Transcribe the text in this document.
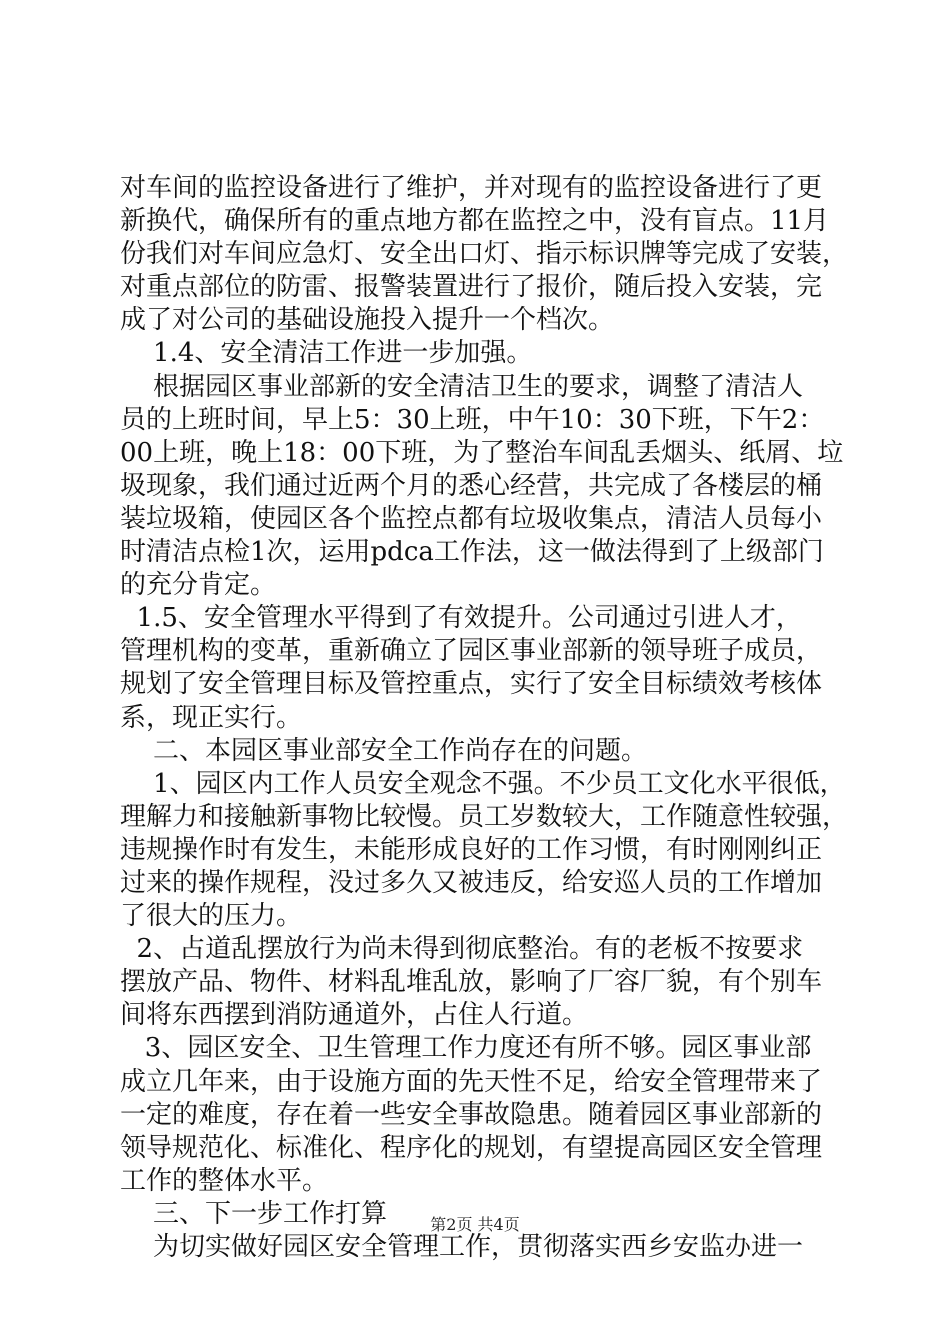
对车间的监控设备进行了维护，并对现有的监控设备进行了更
新换代，确保所有的重点地方都在监控之中，没有盲点。11月
份我们对车间应急灯、安全出口灯、指示标识牌等完成了安装，
对重点部位的防雷、报警装置进行了报价，随后投入安装，完
成了对公司的基础设施投入提升一个档次。
1.4、安全清洁工作进一步加强。
根据园区事业部新的安全清洁卫生的要求，调整了清洁人
员的上班时间，早上5：30上班，中午10：30下班，下午2：
00上班，晚上18：00下班，为了整治车间乱丢烟头、纸屑、垃
圾现象，我们通过近两个月的悉心经营，共完成了各楼层的桶
装垃圾箱，使园区各个监控点都有垃圾收集点，清洁人员每小
时清洁点检1次，运用pdca工作法，这一做法得到了上级部门
的充分肯定。
1.5、安全管理水平得到了有效提升。公司通过引进人才，
管理机构的变革，重新确立了园区事业部新的领导班子成员，
规划了安全管理目标及管控重点，实行了安全目标绩效考核体
系，现正实行。
二、本园区事业部安全工作尚存在的问题。
1、园区内工作人员安全观念不强。不少员工文化水平很低，
理解力和接触新事物比较慢。员工岁数较大，工作随意性较强，
违规操作时有发生，未能形成良好的工作习惯，有时刚刚纠正
过来的操作规程，没过多久又被违反，给安巡人员的工作增加
了很大的压力。
2、占道乱摆放行为尚未得到彻底整治。有的老板不按要求
摆放产品、物件、材料乱堆乱放，影响了厂容厂貌，有个别车
间将东西摆到消防通道外，占住人行道。
3、园区安全、卫生管理工作力度还有所不够。园区事业部
成立几年来，由于设施方面的先天性不足，给安全管理带来了
一定的难度，存在着一些安全事故隐患。随着园区事业部新的
领导规范化、标准化、程序化的规划，有望提高园区安全管理
工作的整体水平。
三、下一步工作打算
为切实做好园区安全管理工作，贯彻落实西乡安监办进一
第2页 共4页
